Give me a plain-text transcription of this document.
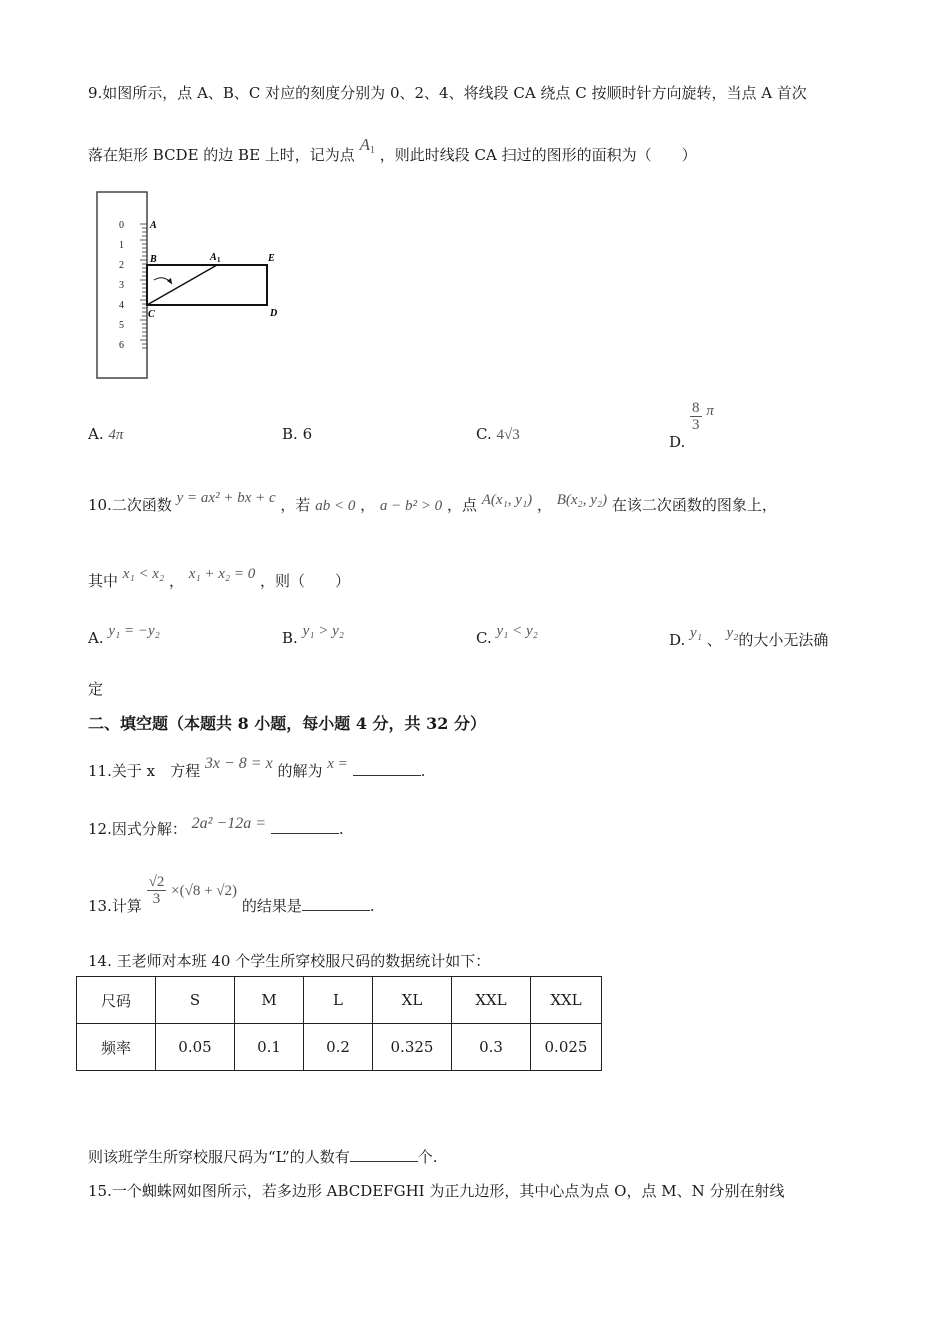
9.如图所示，点 A、B、C 对应的刻度分别为 0、2、4、将线段 CA 绕点 C 按顺时针方向旋转，当点 A 首次
落在矩形 BCDE 的边 BE 上时，记为点 $A_1$ ，则此时线段 CA 扫过的图形的面积为（　　）
0
1
2
3
4
5
6
A
B
C	D
E
A 1
A. 4π	B. 6	C. 4√3	D.
$\frac{8}{3}$ π
10.二次函数 y = ax² + bx + c ，若 ab < 0 ， a − b² > 0 ，点 A(x₁, y₁) ， B(x₂, y₂) 在该二次函数的图象上，
其中 x₁ < x₂ ， x₁ + x₂ = 0 ，则（　　）
A. y₁ = −y₂	B. y₁ > y₂	C. y₁ < y₂	D. y₁ 、 y₂的大小无法确
定
二、填空题（本题共 8 小题，每小题 4 分，共 32 分）
11.关于 x　方程 3x − 8 = x 的解为 x =	.
12.因式分解： 2a² −12a =	.
13.计算 $\frac{√2}{3} \times(√8 + √2)$ 的结果是	.
14. 王老师对本班 40 个学生所穿校服尺码的数据统计如下：
尺码	S	M	L	XL	XXL	XXL
频率	0.05	0.1	0.2	0.325	0.3	0.025
则该班学生所穿校服尺码为“L”的人数有	个.
15.一个蜘蛛网如图所示，若多边形 ABCDEFGHI 为正九边形，其中心点为点 O，点 M、N 分别在射线
